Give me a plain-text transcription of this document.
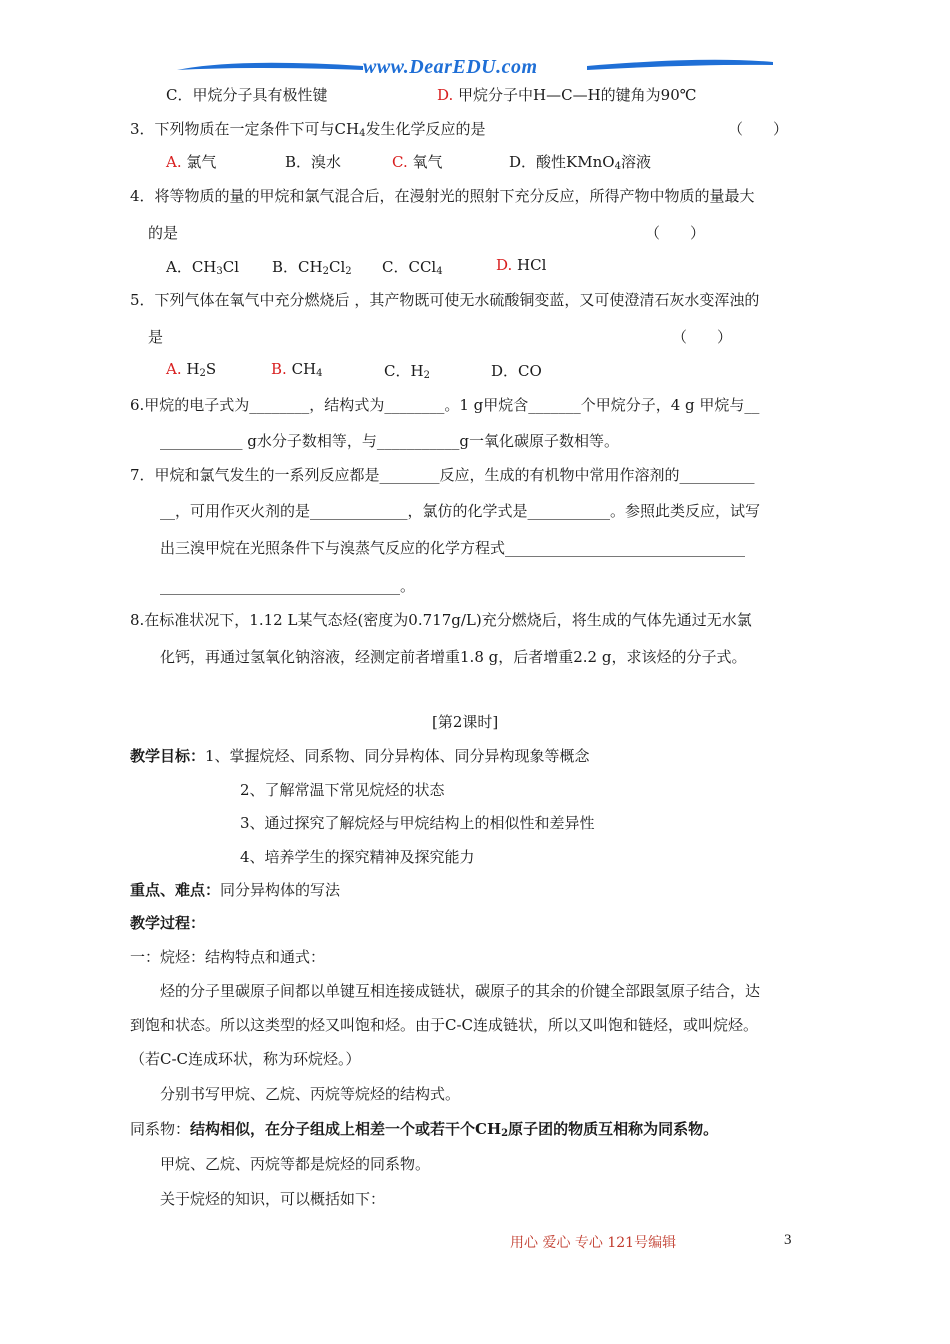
www.DearEDU.com
C．甲烷分子具有极性键	D. 甲烷分子中H—C—H的键角为90℃
3．下列物质在一定条件下可与$CH_4$发生化学反应的是	（　　）
A. 氯气	B．溴水	C. 氧气	D．酸性KMnO$_4$溶液
4．将等物质的量的甲烷和氯气混合后，在漫射光的照射下充分反应，所得产物中物质的量最大
的是	（　　）
A．$CH_3Cl$ B．$CH_2Cl_2$ C．CCl$_4$	D. HCl
5．下列气体在氧气中充分燃烧后 ，其产物既可使无水硫酸铜变蓝，又可使澄清石灰水变浑浊的
是	（　　）
A. $H_2S$	B. $CH_4$	C．$H_2$	D．CO
6.甲烷的电子式为________，结构式为________。1 g甲烷含_______个甲烷分子，4 g 甲烷与__
___________ g水分子数相等，与___________g一氧化碳原子数相等。
7．甲烷和氯气发生的一系列反应都是________反应，生成的有机物中常用作溶剂的__________
__，可用作灭火剂的是_____________，氯仿的化学式是___________。参照此类反应，试写
出三溴甲烷在光照条件下与溴蒸气反应的化学方程式________________________________
________________________________。
8.在标准状况下，1.12 L某气态烃(密度为0.717g/L)充分燃烧后，将生成的气体先通过无水氯
化钙，再通过氢氧化钠溶液，经测定前者增重1.8 g，后者增重2.2 g，求该烃的分子式。
[第2课时]
教学目标：1、掌握烷烃、同系物、同分异构体、同分异构现象等概念
2、了解常温下常见烷烃的状态
3、通过探究了解烷烃与甲烷结构上的相似性和差异性
4、培养学生的探究精神及探究能力
重点、难点：同分异构体的写法
教学过程：
一：烷烃：结构特点和通式：
烃的分子里碳原子间都以单键互相连接成链状，碳原子的其余的价键全部跟氢原子结合，达
到饱和状态。所以这类型的烃又叫饱和烃。由于C-C连成链状，所以又叫饱和链烃，或叫烷烃。
（若C-C连成环状，称为环烷烃。）
分别书写甲烷、乙烷、丙烷等烷烃的结构式。
同系物：结构相似，在分子组成上相差一个或若干个$CH_2$原子团的物质互相称为同系物。
甲烷、乙烷、丙烷等都是烷烃的同系物。
关于烷烃的知识，可以概括如下：
用心 爱心 专心 121号编辑	3
